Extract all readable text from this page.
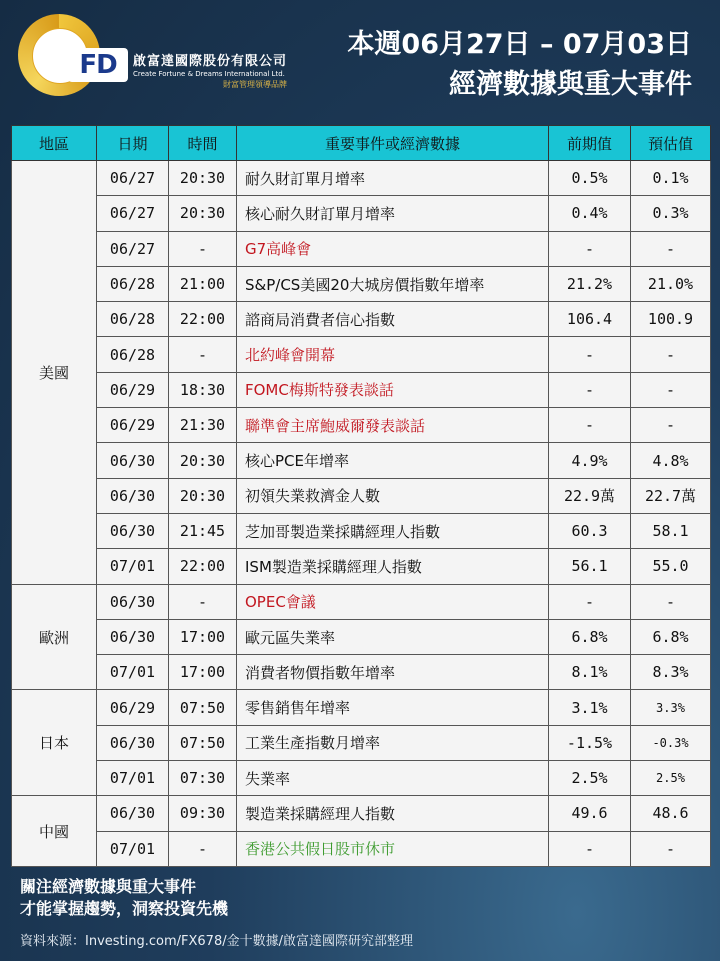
FD	啟富達國際股份有限公司
Create Fortune & Dreams International Ltd.
財富管理領導品牌
本週06月27日 – 07月03日
經濟數據與重大事件
地區	日期	時間	重要事件或經濟數據	前期值	預估值
美國	06/27	20:30	耐久財訂單月增率	0.5%	0.1%
	06/27	20:30	核心耐久財訂單月增率	0.4%	0.3%
	06/27	-	G7高峰會	-	-
	06/28	21:00	S&P/CS美國20大城房價指數年增率	21.2%	21.0%
	06/28	22:00	諮商局消費者信心指數	106.4	100.9
	06/28	-	北約峰會開幕	-	-
	06/29	18:30	FOMC梅斯特發表談話	-	-
	06/29	21:30	聯準會主席鮑威爾發表談話	-	-
	06/30	20:30	核心PCE年增率	4.9%	4.8%
	06/30	20:30	初領失業救濟金人數	22.9萬	22.7萬
	06/30	21:45	芝加哥製造業採購經理人指數	60.3	58.1
	07/01	22:00	ISM製造業採購經理人指數	56.1	55.0
歐洲	06/30	-	OPEC會議	-	-
	06/30	17:00	歐元區失業率	6.8%	6.8%
	07/01	17:00	消費者物價指數年增率	8.1%	8.3%
日本	06/29	07:50	零售銷售年增率	3.1%	3.3%
	06/30	07:50	工業生產指數月增率	-1.5%	-0.3%
	07/01	07:30	失業率	2.5%	2.5%
中國	06/30	09:30	製造業採購經理人指數	49.6	48.6
	07/01	-	香港公共假日股市休市	-	-
關注經濟數據與重大事件
才能掌握趨勢，洞察投資先機
資料來源：Investing.com/FX678/金十數據/啟富達國際研究部整理
